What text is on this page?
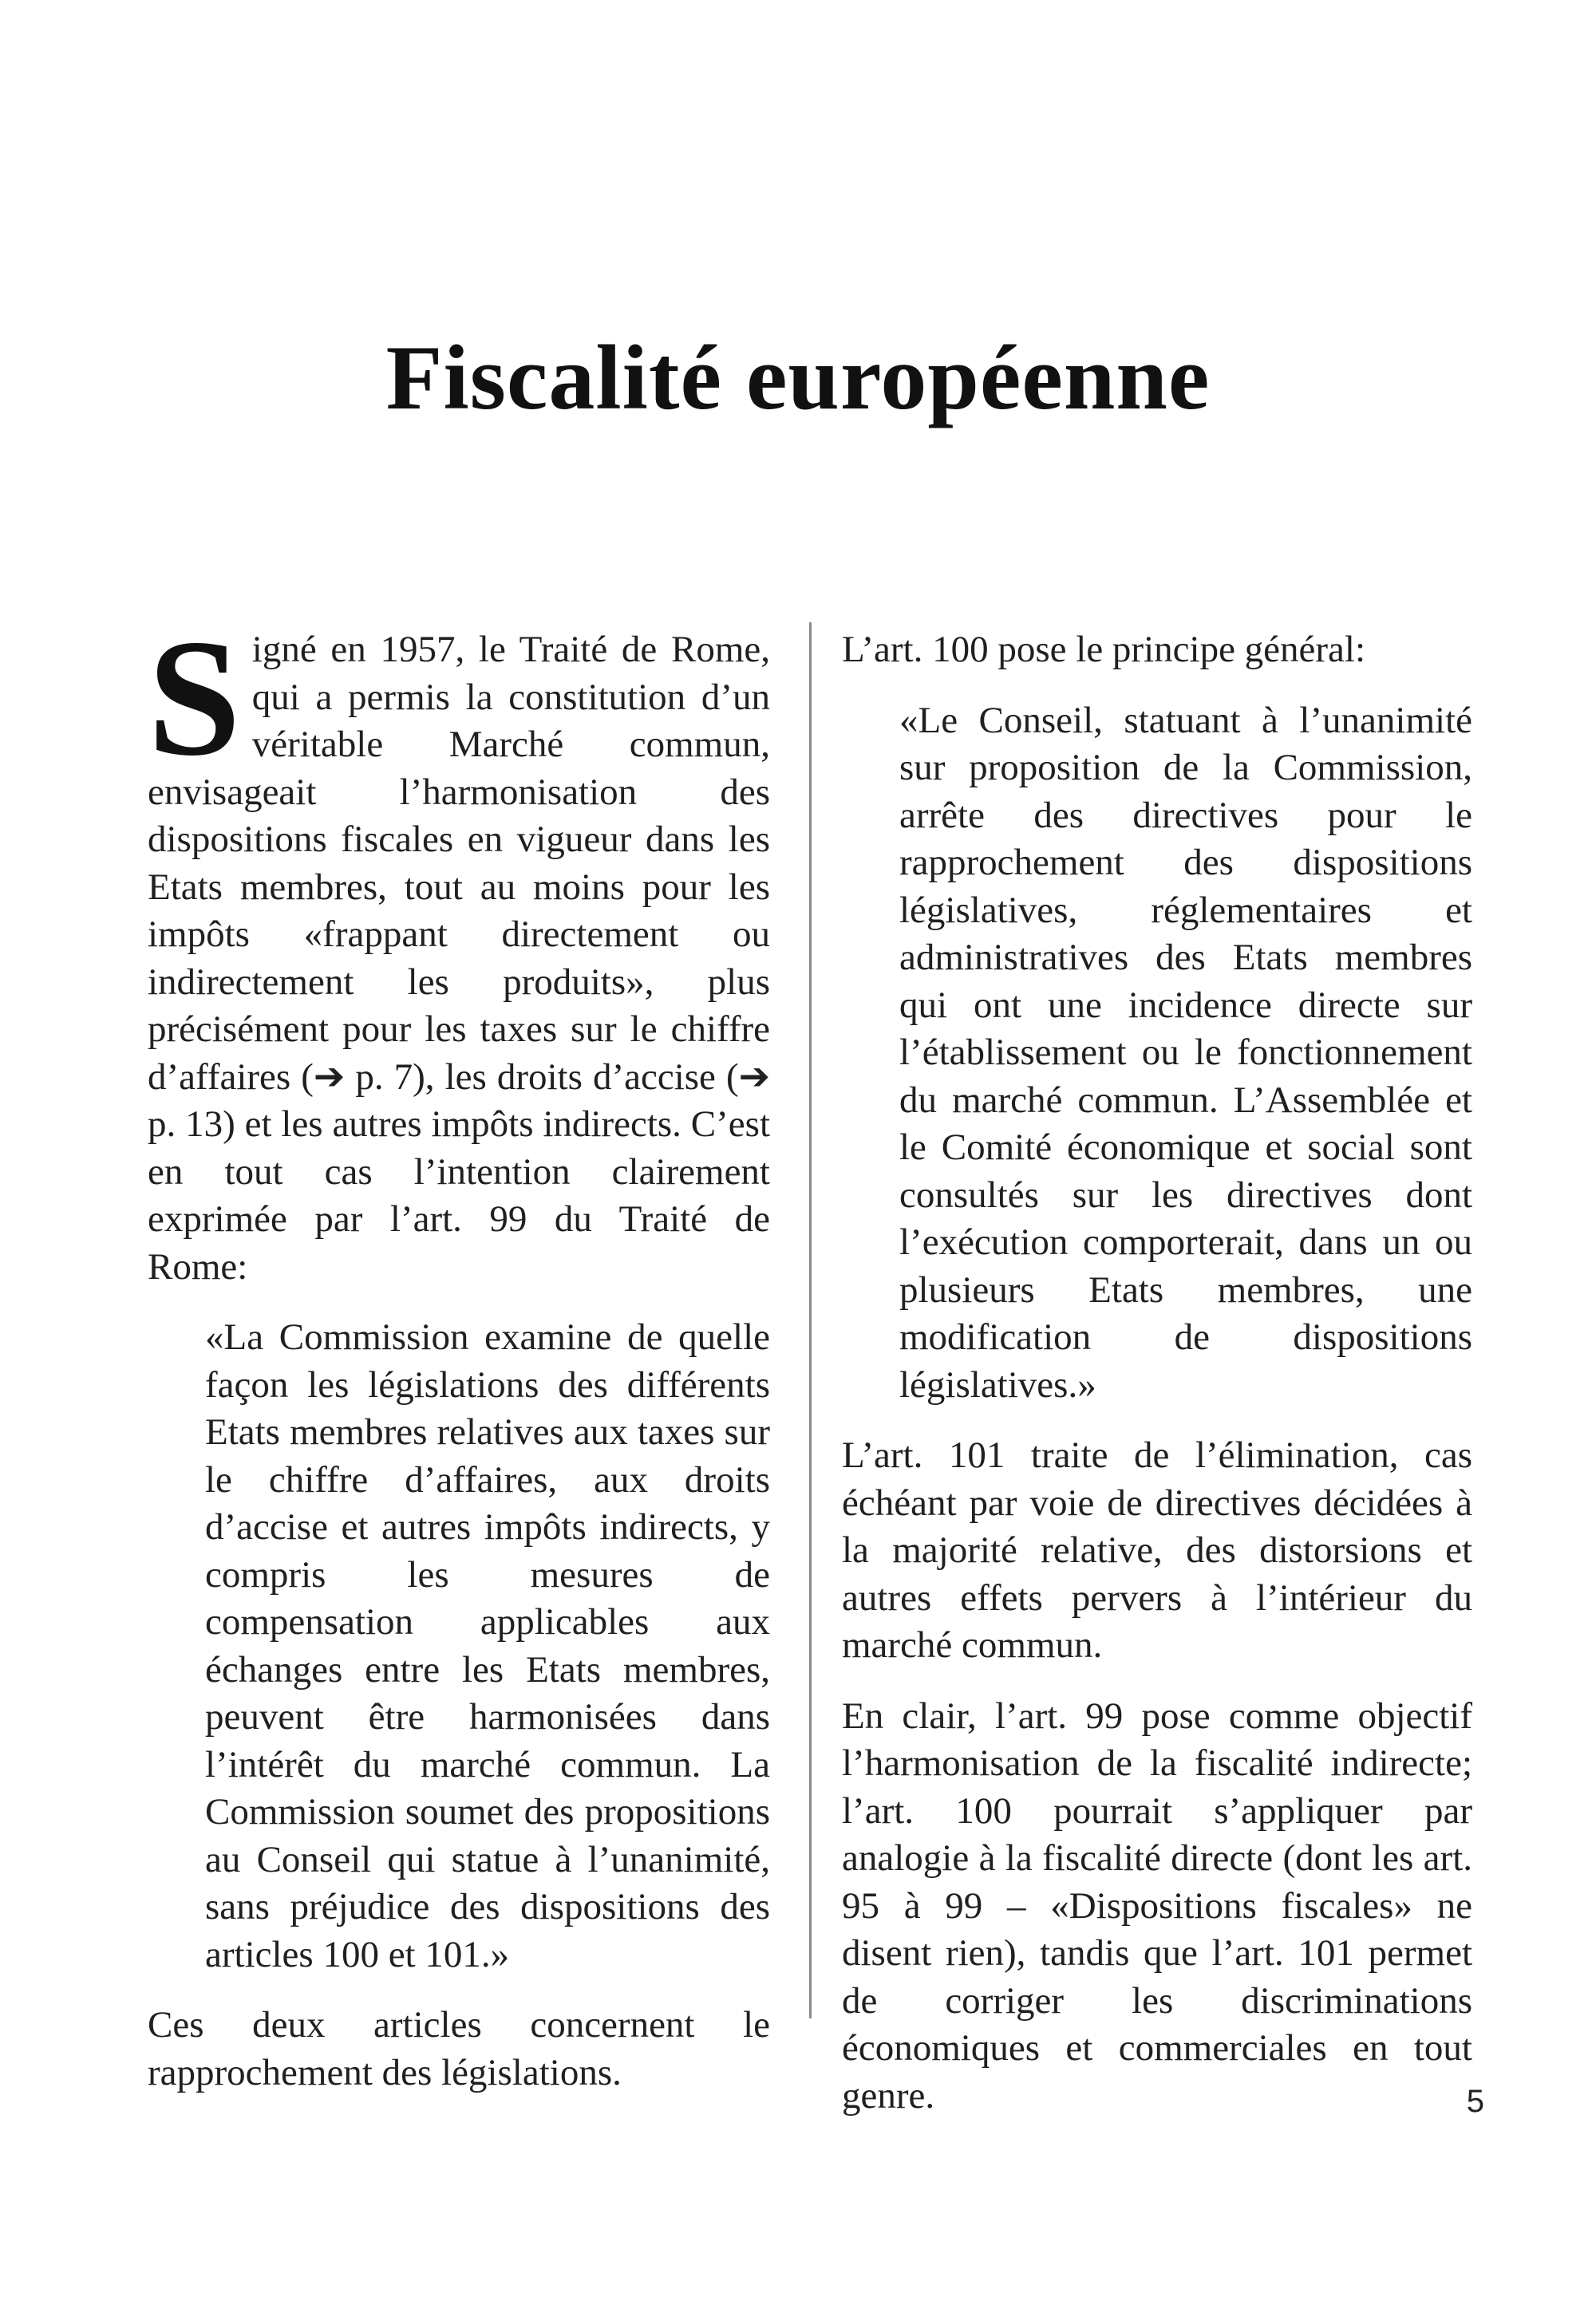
Fiscalité européenne

Signé en 1957, le Traité de Rome, qui a permis la constitution d’un véritable Marché commun, envisageait l’harmonisation des dispositions fiscales en vigueur dans les Etats membres, tout au moins pour les impôts «frappant directement ou indirectement les produits», plus précisément pour les taxes sur le chiffre d’affaires (➔ p. 7), les droits d’accise (➔ p. 13) et les autres impôts indirects. C’est en tout cas l’intention clairement exprimée par l’art. 99 du Traité de Rome:

«La Commission examine de quelle façon les législations des différents Etats membres relatives aux taxes sur le chiffre d’affaires, aux droits d’accise et autres impôts indirects, y compris les mesures de compensation applicables aux échanges entre les Etats membres, peuvent être harmonisées dans l’intérêt du marché commun. La Commission soumet des propositions au Conseil qui statue à l’unanimité, sans préjudice des dispositions des articles 100 et 101.»

Ces deux articles concernent le rapprochement des législations.

L’art. 100 pose le principe général:

«Le Conseil, statuant à l’unanimité sur proposition de la Commission, arrête des directives pour le rapprochement des dispositions législatives, réglementaires et administratives des Etats membres qui ont une incidence directe sur l’établissement ou le fonctionnement du marché commun. L’Assemblée et le Comité économique et social sont consultés sur les directives dont l’exécution comporterait, dans un ou plusieurs Etats membres, une modification de dispositions législatives.»

L’art. 101 traite de l’élimination, cas échéant par voie de directives décidées à la majorité relative, des distorsions et autres effets pervers à l’intérieur du marché commun.

En clair, l’art. 99 pose comme objectif l’harmonisation de la fiscalité indirecte; l’art. 100 pourrait s’appliquer par analogie à la fiscalité directe (dont les art. 95 à 99 – «Dispositions fiscales» ne disent rien), tandis que l’art. 101 permet de corriger les discriminations économiques et commerciales en tout genre.	5
